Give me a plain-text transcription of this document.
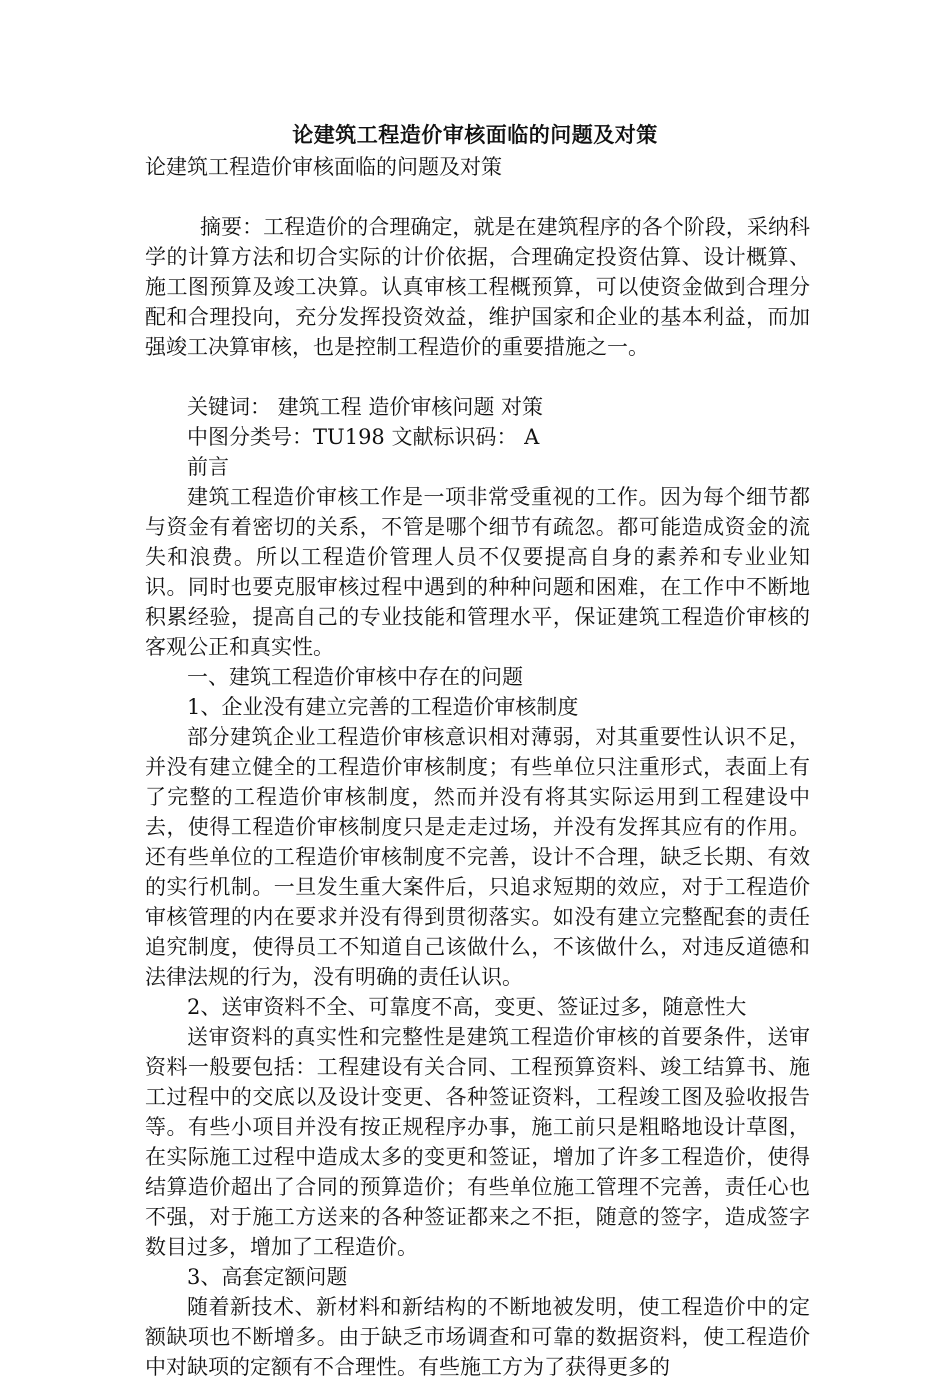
论建筑工程造价审核面临的问题及对策

论建筑工程造价审核面临的问题及对策

摘要：工程造价的合理确定，就是在建筑程序的各个阶段，采纳科学的计算方法和切合实际的计价依据，合理确定投资估算、设计概算、施工图预算及竣工决算。认真审核工程概预算，可以使资金做到合理分配和合理投向，充分发挥投资效益，维护国家和企业的基本利益，而加强竣工决算审核，也是控制工程造价的重要措施之一。

关键词： 建筑工程 造价审核问题 对策

中图分类号：TU198 文献标识码： A

前言

建筑工程造价审核工作是一项非常受重视的工作。因为每个细节都与资金有着密切的关系，不管是哪个细节有疏忽。都可能造成资金的流失和浪费。所以工程造价管理人员不仅要提高自身的素养和专业业知识。同时也要克服审核过程中遇到的种种问题和困难，在工作中不断地积累经验，提高自己的专业技能和管理水平，保证建筑工程造价审核的客观公正和真实性。

一、建筑工程造价审核中存在的问题

1、企业没有建立完善的工程造价审核制度

部分建筑企业工程造价审核意识相对薄弱，对其重要性认识不足，并没有建立健全的工程造价审核制度；有些单位只注重形式，表面上有了完整的工程造价审核制度，然而并没有将其实际运用到工程建设中去，使得工程造价审核制度只是走走过场，并没有发挥其应有的作用。还有些单位的工程造价审核制度不完善，设计不合理，缺乏长期、有效的实行机制。一旦发生重大案件后，只追求短期的效应，对于工程造价审核管理的内在要求并没有得到贯彻落实。如没有建立完整配套的责任追究制度，使得员工不知道自己该做什么，不该做什么，对违反道德和法律法规的行为，没有明确的责任认识。

2、送审资料不全、可靠度不高，变更、签证过多，随意性大

送审资料的真实性和完整性是建筑工程造价审核的首要条件，送审资料一般要包括：工程建设有关合同、工程预算资料、竣工结算书、施工过程中的交底以及设计变更、各种签证资料，工程竣工图及验收报告等。有些小项目并没有按正规程序办事，施工前只是粗略地设计草图，在实际施工过程中造成太多的变更和签证，增加了许多工程造价，使得结算造价超出了合同的预算造价；有些单位施工管理不完善，责任心也不强，对于施工方送来的各种签证都来之不拒，随意的签字，造成签字数目过多，增加了工程造价。

3、高套定额问题

随着新技术、新材料和新结构的不断地被发明，使工程造价中的定额缺项也不断增多。由于缺乏市场调查和可靠的数据资料，使工程造价中对缺项的定额有不合理性。有些施工方为了获得更多的
